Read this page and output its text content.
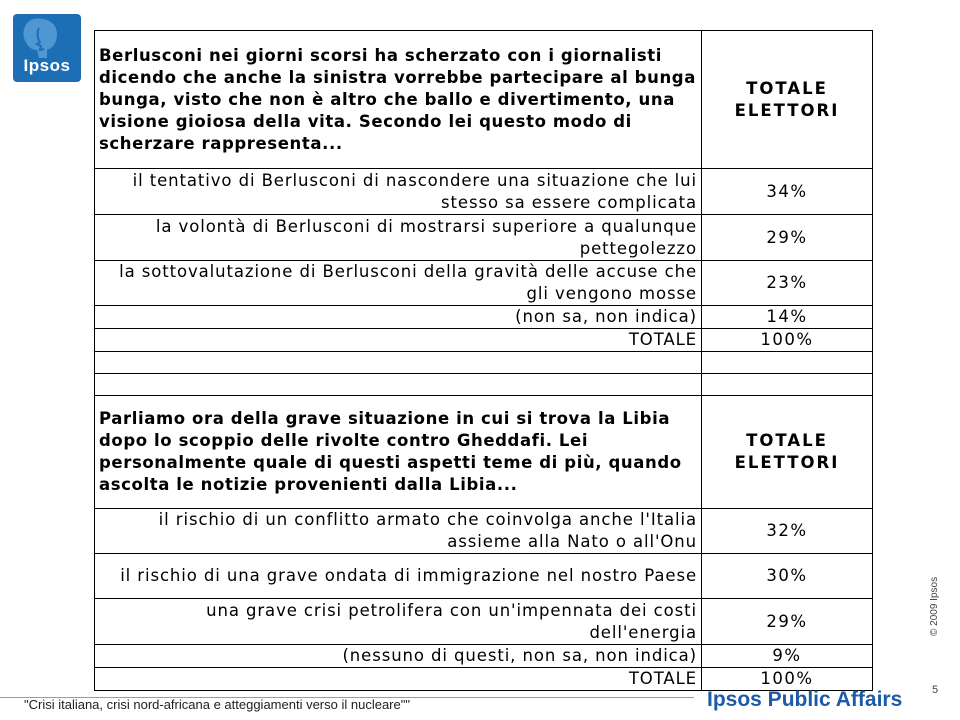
Ipsos
Berlusconi nei giorni scorsi ha scherzato con i giornalisti dicendo che anche la sinistra vorrebbe partecipare al bunga bunga, visto che non è altro che ballo e divertimento, una visione gioiosa della vita. Secondo lei questo modo di scherzare rappresenta...	TOTALE ELETTORI
il tentativo di Berlusconi di nascondere una situazione che lui stesso sa essere complicata	34%
la volontà di Berlusconi di mostrarsi superiore a qualunque pettegolezzo	29%
la sottovalutazione di Berlusconi della gravità delle accuse che gli vengono mosse	23%
(non sa, non indica)	14%
TOTALE	100%

Parliamo ora della grave situazione in cui si trova la Libia dopo lo scoppio delle rivolte contro Gheddafi. Lei personalmente quale di questi aspetti teme di più, quando ascolta le notizie provenienti dalla Libia...	TOTALE ELETTORI
il rischio di un conflitto armato che coinvolga anche l'Italia assieme alla Nato o all'Onu	32%
il rischio di una grave ondata di immigrazione nel nostro Paese	30%
una grave crisi petrolifera con un'impennata dei costi dell'energia	29%
(nessuno di questi, non sa, non indica)	9%
TOTALE	100%
© 2009 Ipsos
5
"Crisi italiana, crisi nord-africana e atteggiamenti verso il nucleare""	Ipsos Public Affairs
